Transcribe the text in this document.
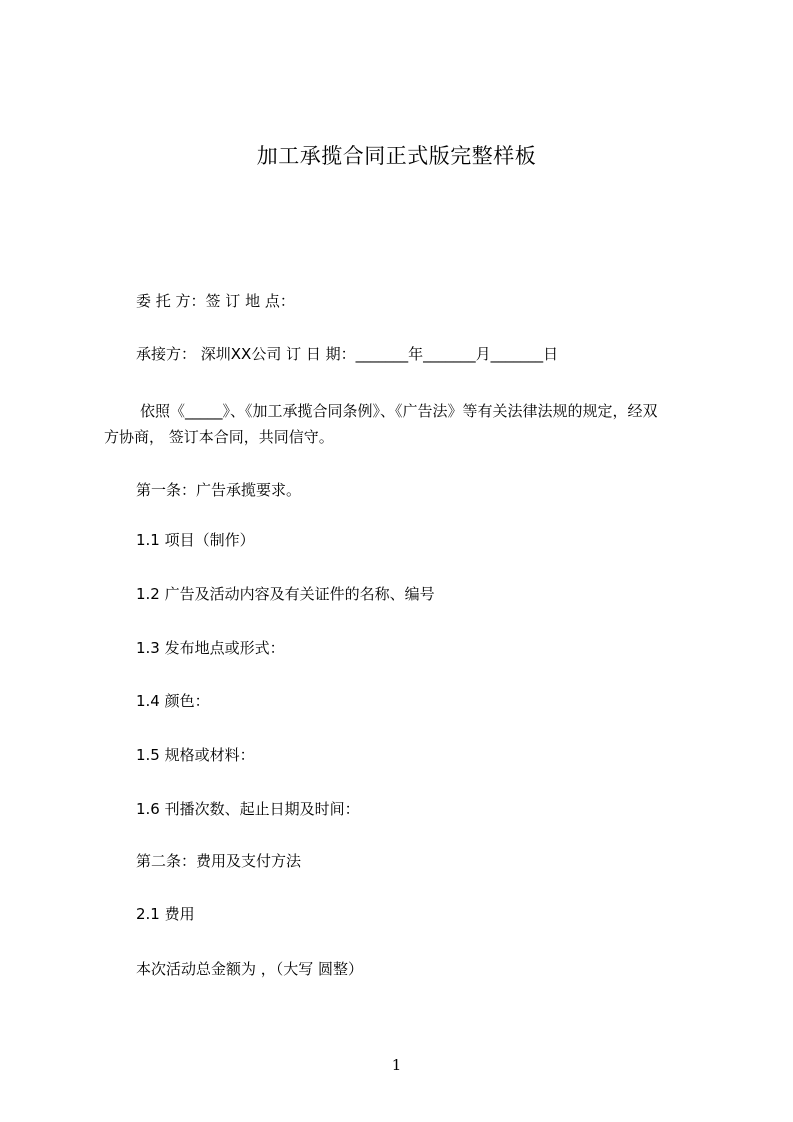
加工承揽合同正式版完整样板
委 托 方：签 订 地 点：
承接方： 深圳XX公司 订 日 期：_______年_______月_______日
依照《_____》、《加工承揽合同条例》、《广告法》等有关法律法规的规定，经双
方协商， 签订本合同，共同信守。
第一条：广告承揽要求。
1.1 项目（制作）
1.2 广告及活动内容及有关证件的名称、编号
1.3 发布地点或形式：
1.4 颜色：
1.5 规格或材料：
1.6 刊播次数、起止日期及时间：
第二条：费用及支付方法
2.1 费用
本次活动总金额为 ，（大写 圆整）
1
